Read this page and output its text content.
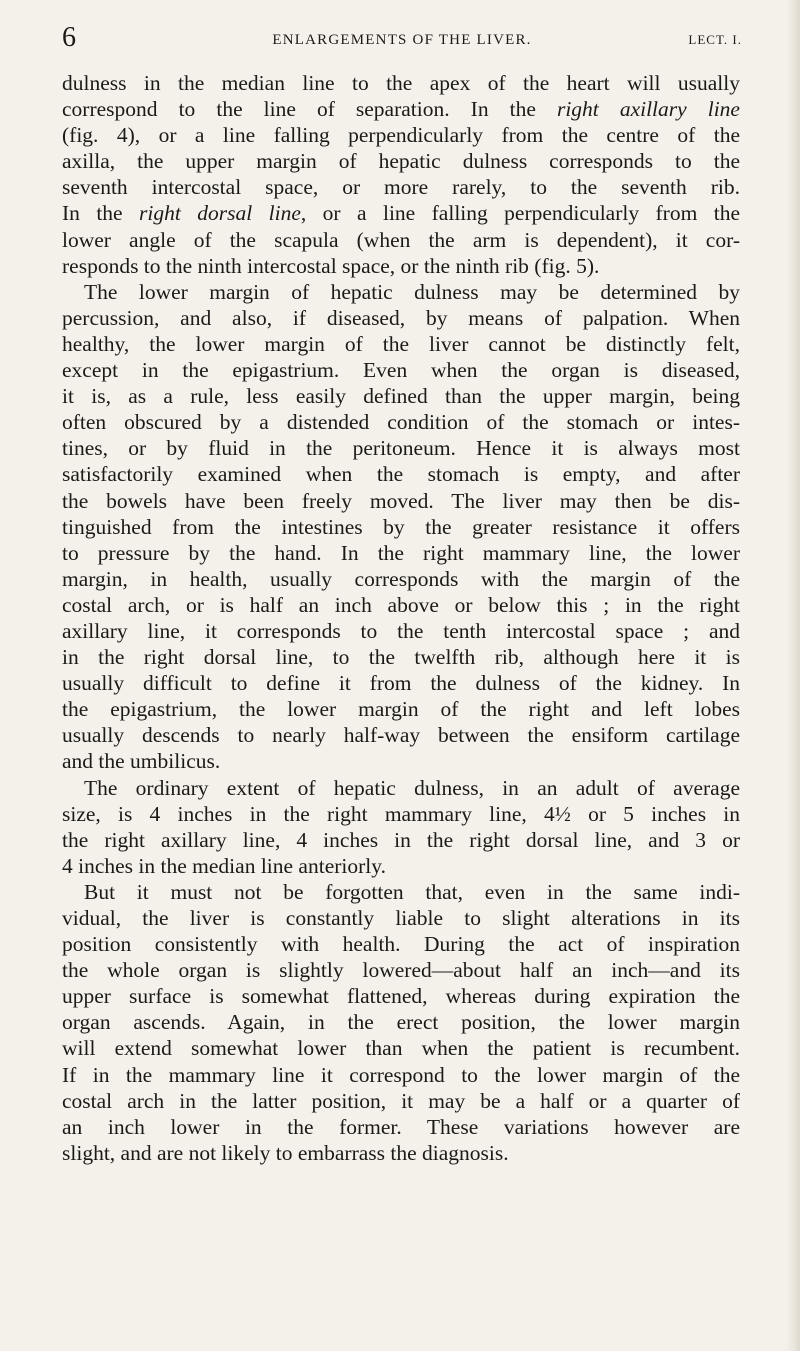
6	ENLARGEMENTS OF THE LIVER.	LECT. I.
dulness in the median line to the apex of the heart will usually
correspond to the line of separation. In the right axillary line
(fig. 4), or a line falling perpendicularly from the centre of the
axilla, the upper margin of hepatic dulness corresponds to the
seventh intercostal space, or more rarely, to the seventh rib.
In the right dorsal line, or a line falling perpendicularly from the
lower angle of the scapula (when the arm is dependent), it cor-
responds to the ninth intercostal space, or the ninth rib (fig. 5).
The lower margin of hepatic dulness may be determined by
percussion, and also, if diseased, by means of palpation. When
healthy, the lower margin of the liver cannot be distinctly felt,
except in the epigastrium. Even when the organ is diseased,
it is, as a rule, less easily defined than the upper margin, being
often obscured by a distended condition of the stomach or intes-
tines, or by fluid in the peritoneum. Hence it is always most
satisfactorily examined when the stomach is empty, and after
the bowels have been freely moved. The liver may then be dis-
tinguished from the intestines by the greater resistance it offers
to pressure by the hand. In the right mammary line, the lower
margin, in health, usually corresponds with the margin of the
costal arch, or is half an inch above or below this ; in the right
axillary line, it corresponds to the tenth intercostal space ; and
in the right dorsal line, to the twelfth rib, although here it is
usually difficult to define it from the dulness of the kidney. In
the epigastrium, the lower margin of the right and left lobes
usually descends to nearly half-way between the ensiform cartilage
and the umbilicus.
The ordinary extent of hepatic dulness, in an adult of average
size, is 4 inches in the right mammary line, 4½ or 5 inches in
the right axillary line, 4 inches in the right dorsal line, and 3 or
4 inches in the median line anteriorly.
But it must not be forgotten that, even in the same indi-
vidual, the liver is constantly liable to slight alterations in its
position consistently with health. During the act of inspiration
the whole organ is slightly lowered—about half an inch—and its
upper surface is somewhat flattened, whereas during expiration the
organ ascends. Again, in the erect position, the lower margin
will extend somewhat lower than when the patient is recumbent.
If in the mammary line it correspond to the lower margin of the
costal arch in the latter position, it may be a half or a quarter of
an inch lower in the former. These variations however are
slight, and are not likely to embarrass the diagnosis.
